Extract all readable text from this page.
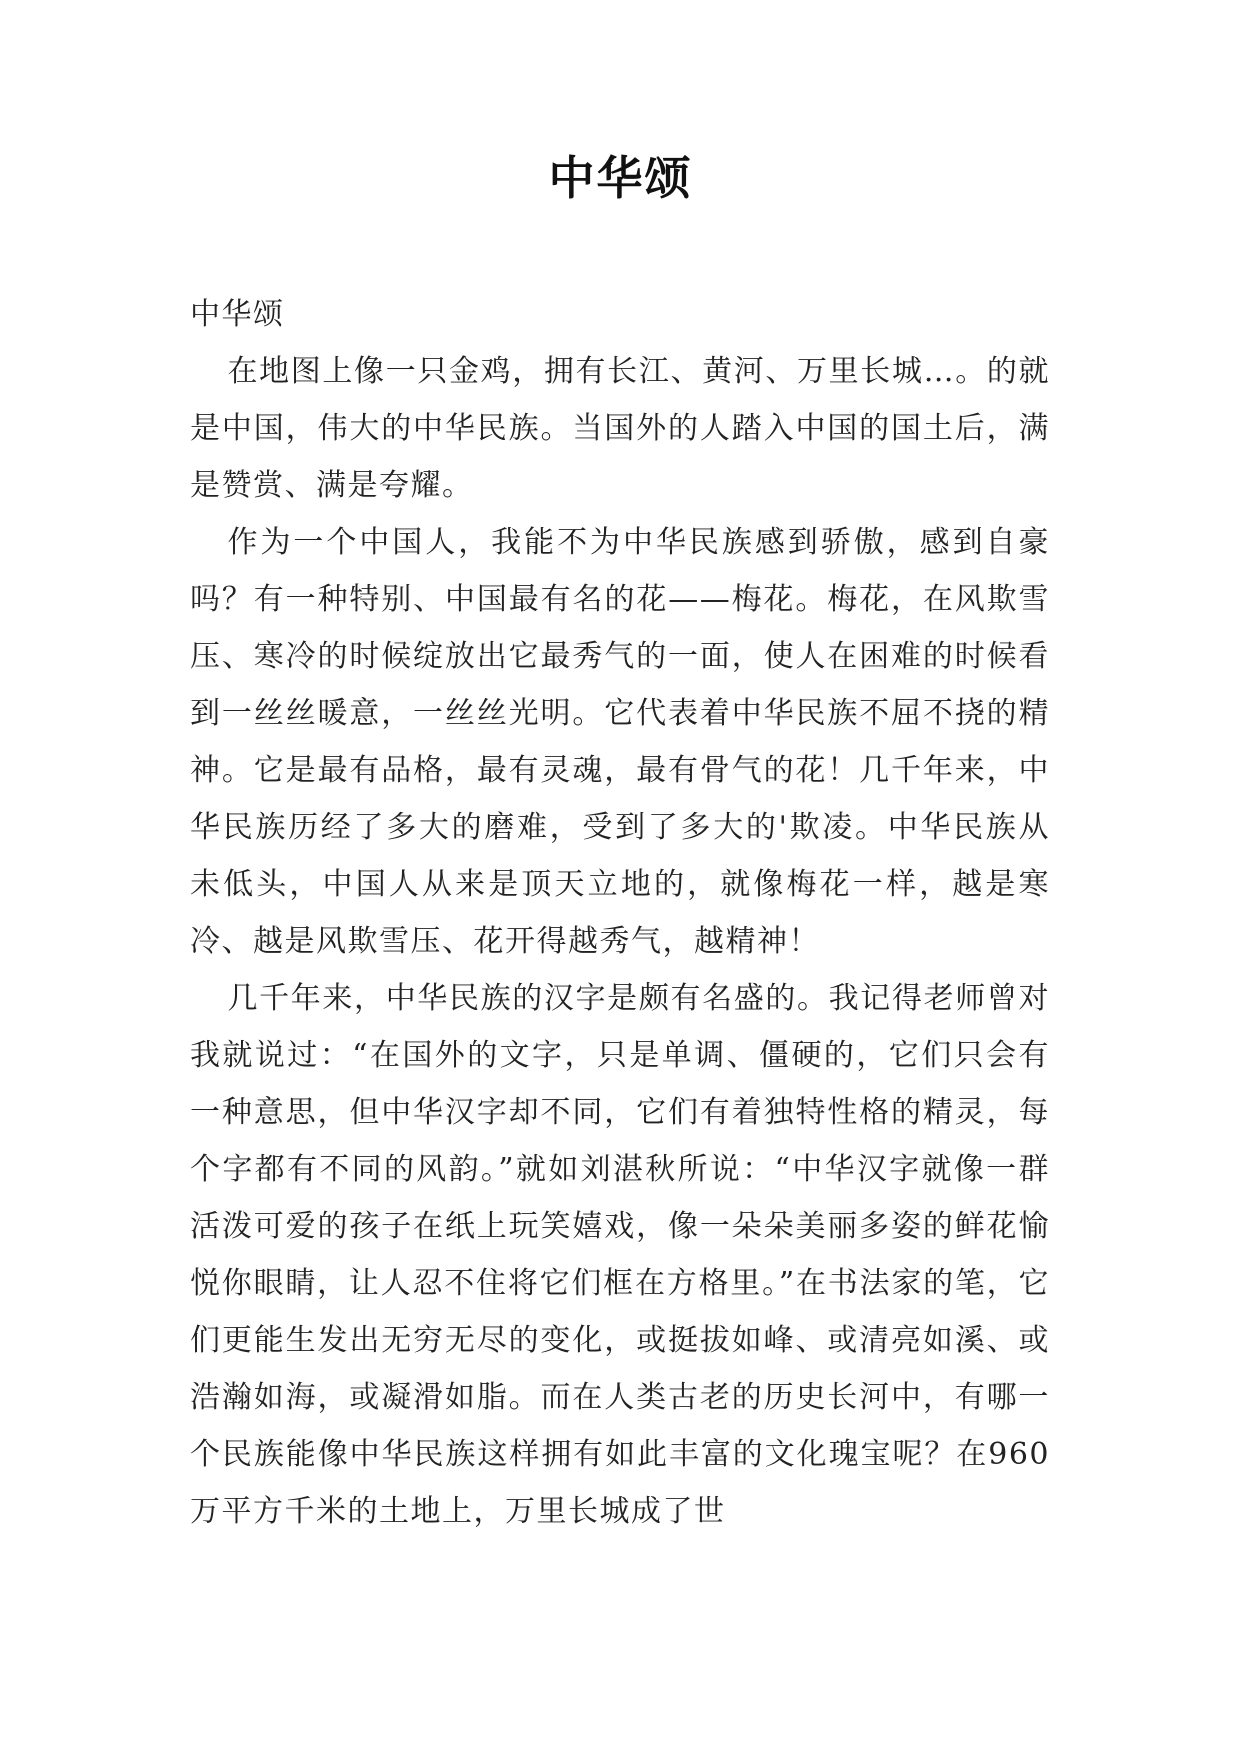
中华颂

中华颂

在地图上像一只金鸡，拥有长江、黄河、万里长城…。的就是中国，伟大的中华民族。当国外的人踏入中国的国土后，满是赞赏、满是夸耀。

作为一个中国人，我能不为中华民族感到骄傲，感到自豪吗？有一种特别、中国最有名的花——梅花。梅花，在风欺雪压、寒冷的时候绽放出它最秀气的一面，使人在困难的时候看到一丝丝暖意，一丝丝光明。它代表着中华民族不屈不挠的精神。它是最有品格，最有灵魂，最有骨气的花！几千年来，中华民族历经了多大的磨难，受到了多大的'欺凌。中华民族从未低头，中国人从来是顶天立地的，就像梅花一样，越是寒冷、越是风欺雪压、花开得越秀气，越精神！

几千年来，中华民族的汉字是颇有名盛的。我记得老师曾对我就说过：“在国外的文字，只是单调、僵硬的，它们只会有一种意思，但中华汉字却不同，它们有着独特性格的精灵，每个字都有不同的风韵。”就如刘湛秋所说：“中华汉字就像一群活泼可爱的孩子在纸上玩笑嬉戏，像一朵朵美丽多姿的鲜花愉悦你眼睛，让人忍不住将它们框在方格里。”在书法家的笔，它们更能生发出无穷无尽的变化，或挺拔如峰、或清亮如溪、或浩瀚如海，或凝滑如脂。而在人类古老的历史长河中，有哪一个民族能像中华民族这样拥有如此丰富的文化瑰宝呢？在960万平方千米的土地上，万里长城成了世
